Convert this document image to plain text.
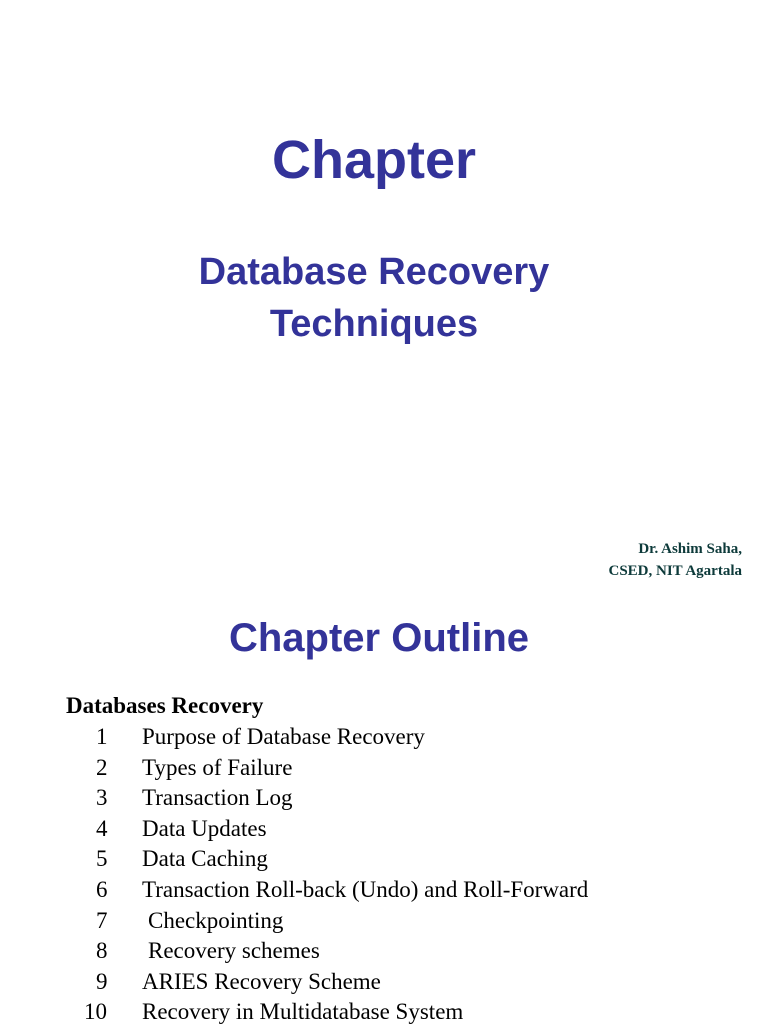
Chapter
Database Recovery
Techniques
Dr. Ashim Saha,
CSED, NIT Agartala
Chapter Outline
Databases Recovery
1 Purpose of Database Recovery
2 Types of Failure
3 Transaction Log
4 Data Updates
5 Data Caching
6 Transaction Roll-back (Undo) and Roll-Forward
7 Checkpointing
8 Recovery schemes
9 ARIES Recovery Scheme
10 Recovery in Multidatabase System
